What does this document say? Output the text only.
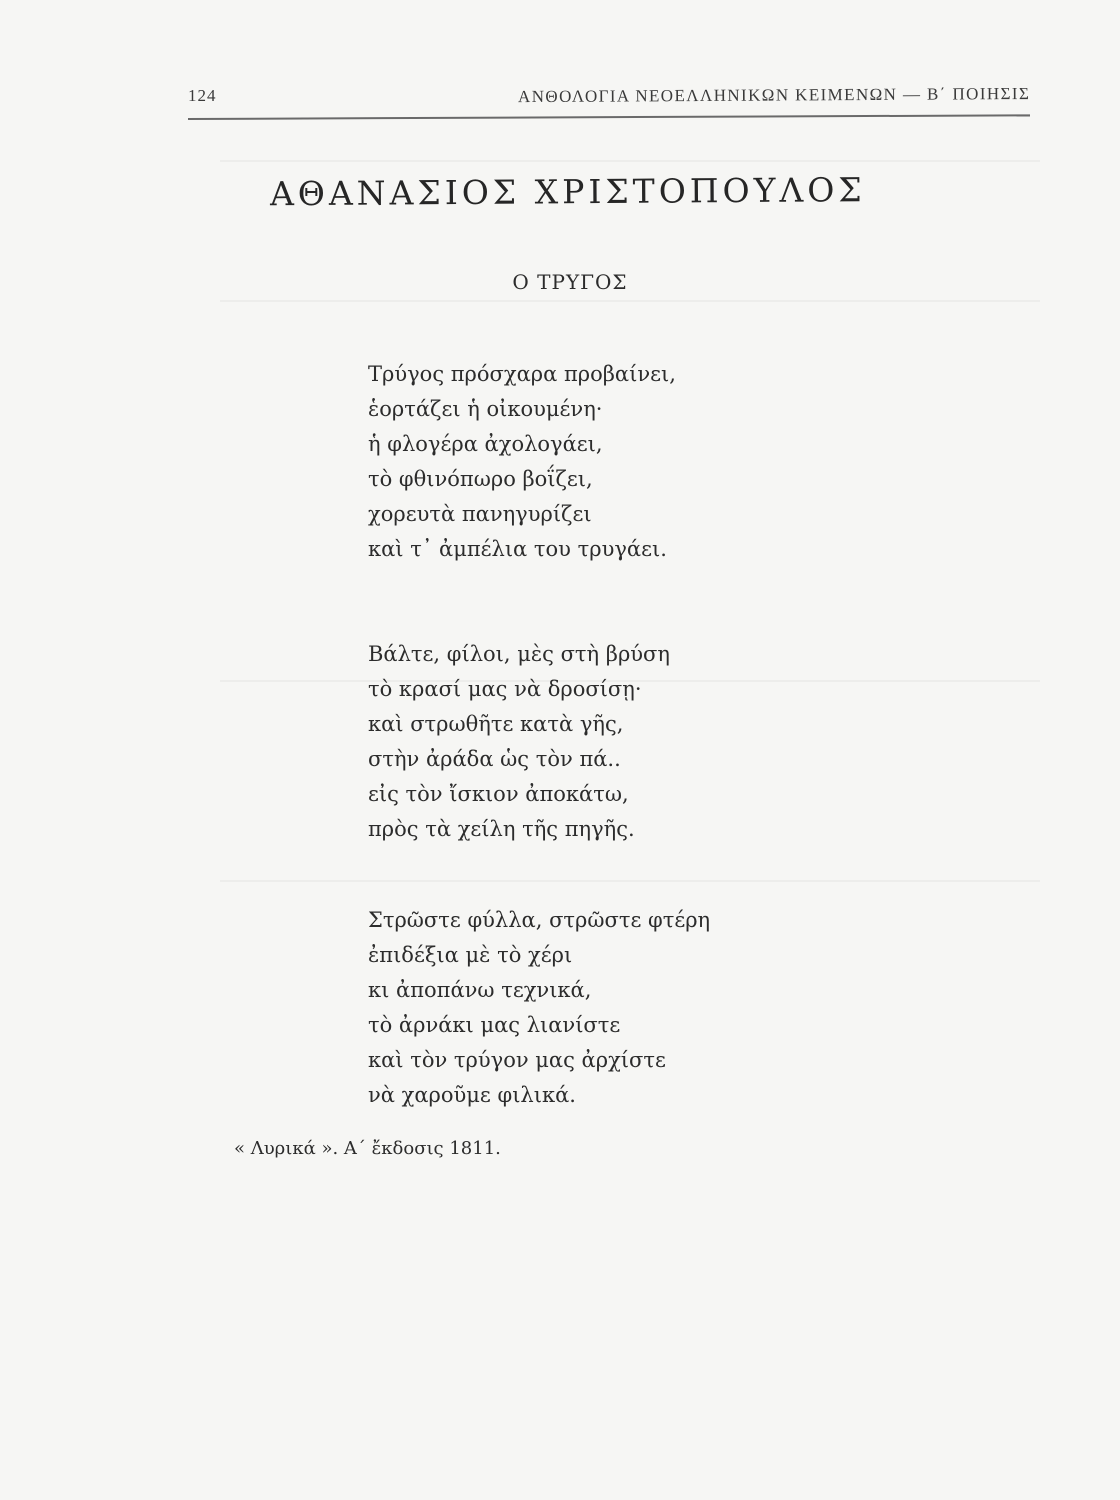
124	ΑΝΘΟΛΟΓΙΑ ΝΕΟΕΛΛΗΝΙΚΩΝ ΚΕΙΜΕΝΩΝ — Β΄ ΠΟΙΗΣΙΣ
ΑΘΑΝΑΣΙΟΣ ΧΡΙΣΤΟΠΟΥΛΟΣ
Ο ΤΡΥΓΟΣ
Τρύγος πρόσχαρα προβαίνει,
ἑορτάζει ἡ οἰκουμένη·
ἡ φλογέρα ἀχολογάει,
τὸ φθινόπωρο βοΐζει,
χορευτὰ πανηγυρίζει
καὶ τ᾽ ἀμπέλια του τρυγάει.
Βάλτε, φίλοι, μὲς στὴ βρύση
τὸ κρασί μας νὰ δροσίσῃ·
καὶ στρωθῆτε κατὰ γῆς,
στὴν ἀράδα ὡς τὸν πά..
εἰς τὸν ἴσκιον ἀποκάτω,
πρὸς τὰ χείλη τῆς πηγῆς.
Στρῶστε φύλλα, στρῶστε φτέρη
ἐπιδέξια μὲ τὸ χέρι
κι ἀποπάνω τεχνικά,
τὸ ἀρνάκι μας λιανίστε
καὶ τὸν τρύγον μας ἀρχίστε
νὰ χαροῦμε φιλικά.
« Λυρικά ». Α΄ ἔκδοσις 1811.
